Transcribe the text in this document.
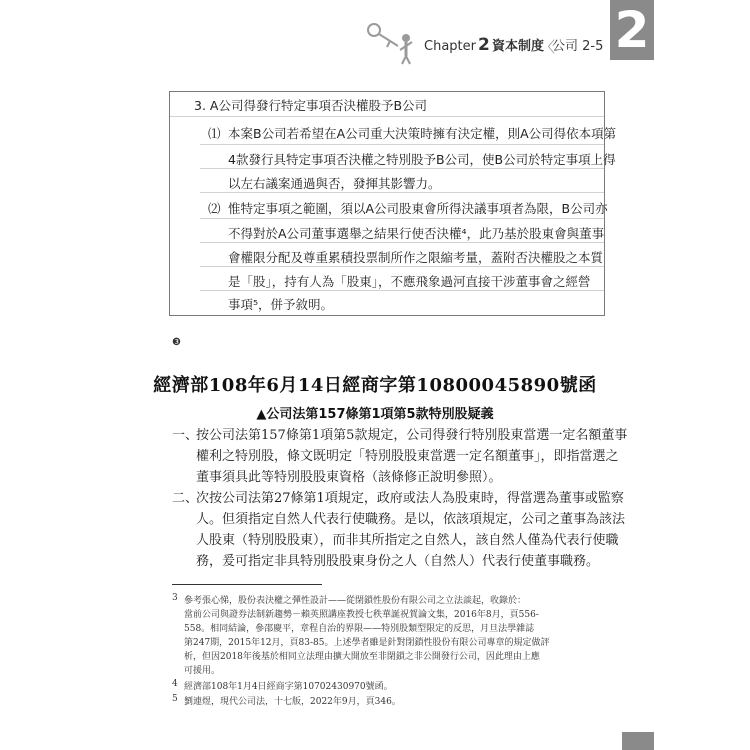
Chapter 2 資本制度
〈
公司 2-5 2
3. A公司得發行特定事項否決權股予B公司
⑴ 本案B公司若希望在A公司重大決策時擁有決定權，則A公司得依本項第
4款發行具特定事項否決權之特別股予B公司，使B公司於特定事項上得
以左右議案通過與否，發揮其影響力。
⑵ 惟特定事項之範圍，須以A公司股東會所得決議事項者為限，B公司亦
不得對於A公司董事選舉之結果行使否決權⁴，此乃基於股東會與董事
會權限分配及尊重累積投票制所作之限縮考量，蓋附否決權股之本質
是「股」，持有人為「股東」，不應飛象過河直接干涉董事會之經營
事項⁵，併予敘明。
❸
經濟部108年6月14日經商字第10800045890號函
▲公司法第157條第1項第5款特別股疑義
一、
按公司法第157條第1項第5款規定，公司得發行特別股東當選一定名額董事
權利之特別股，條文既明定「特別股股東當選一定名額董事」，即指當選之
董事須具此等特別股股東資格（該條修正說明參照）。
二、
次按公司法第27條第1項規定，政府或法人為股東時，得當選為董事或監察
人。但須指定自然人代表行使職務。是以，依該項規定，公司之董事為該法
人股東（特別股股東），而非其所指定之自然人，該自然人僅為代表行使職
務，爰可指定非具特別股股東身份之人（自然人）代表行使董事職務。
3 參考張心悌，股份表決權之彈性設計——從閉鎖性股份有限公司之立法談起，收錄於：
當前公司與證券法制新趨勢－賴英照講座教授七秩華誕祝賀論文集，2016年8月，頁556-
558。相同結論，參邵慶平，章程自治的界限——特別股類型限定的反思，月旦法學雜誌
第247期，2015年12月，頁83-85。上述學者雖是針對閉鎖性股份有限公司專章的規定做評
析，但因2018年後基於相同立法理由擴大開放至非閉鎖之非公開發行公司，因此理由上應
可援用。
4 經濟部108年1月4日經商字第10702430970號函。
5 劉連煜，現代公司法，十七版，2022年9月，頁346。
